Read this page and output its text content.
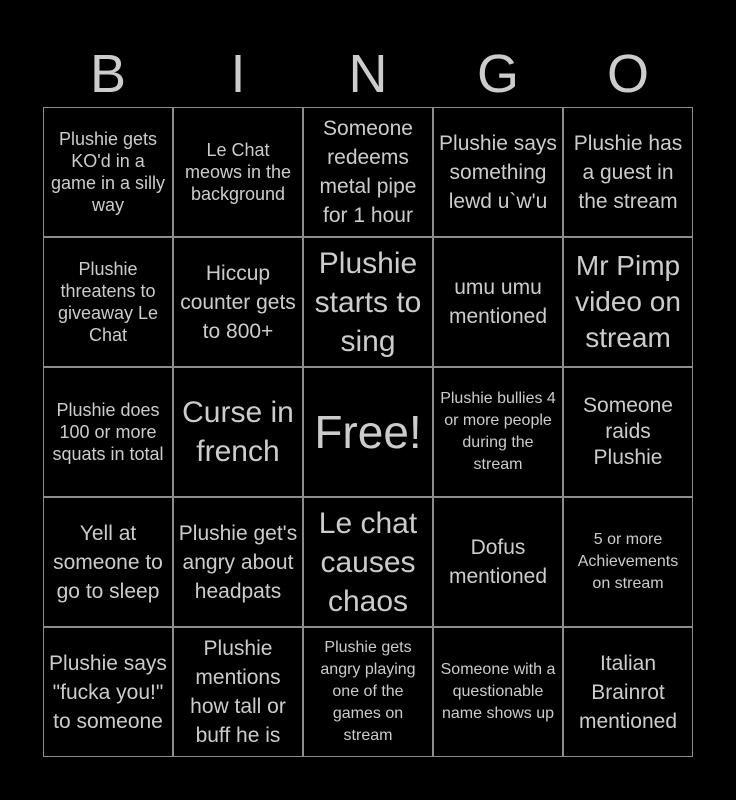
B	I	N	G	O
Plushie gets KO'd in a game in a silly way
Le Chat meows in the background
Someone redeems metal pipe for 1 hour
Plushie says something lewd u`w'u
Plushie has a guest in the stream
Plushie threatens to giveaway Le Chat
Hiccup counter gets to 800+
Plushie starts to sing
umu umu mentioned
Mr Pimp video on stream
Plushie does 100 or more squats in total
Curse in french Free!
Plushie bullies 4 or more people during the stream
Someone raids Plushie
Yell at someone to go to sleep
Plushie get's angry about headpats
Le chat causes chaos
Dofus mentioned
5 or more Achievements on stream
Plushie says "fucka you!" to someone
Plushie mentions how tall or buff he is
Plushie gets angry playing one of the games on stream
Someone with a questionable name shows up
Italian Brainrot mentioned
